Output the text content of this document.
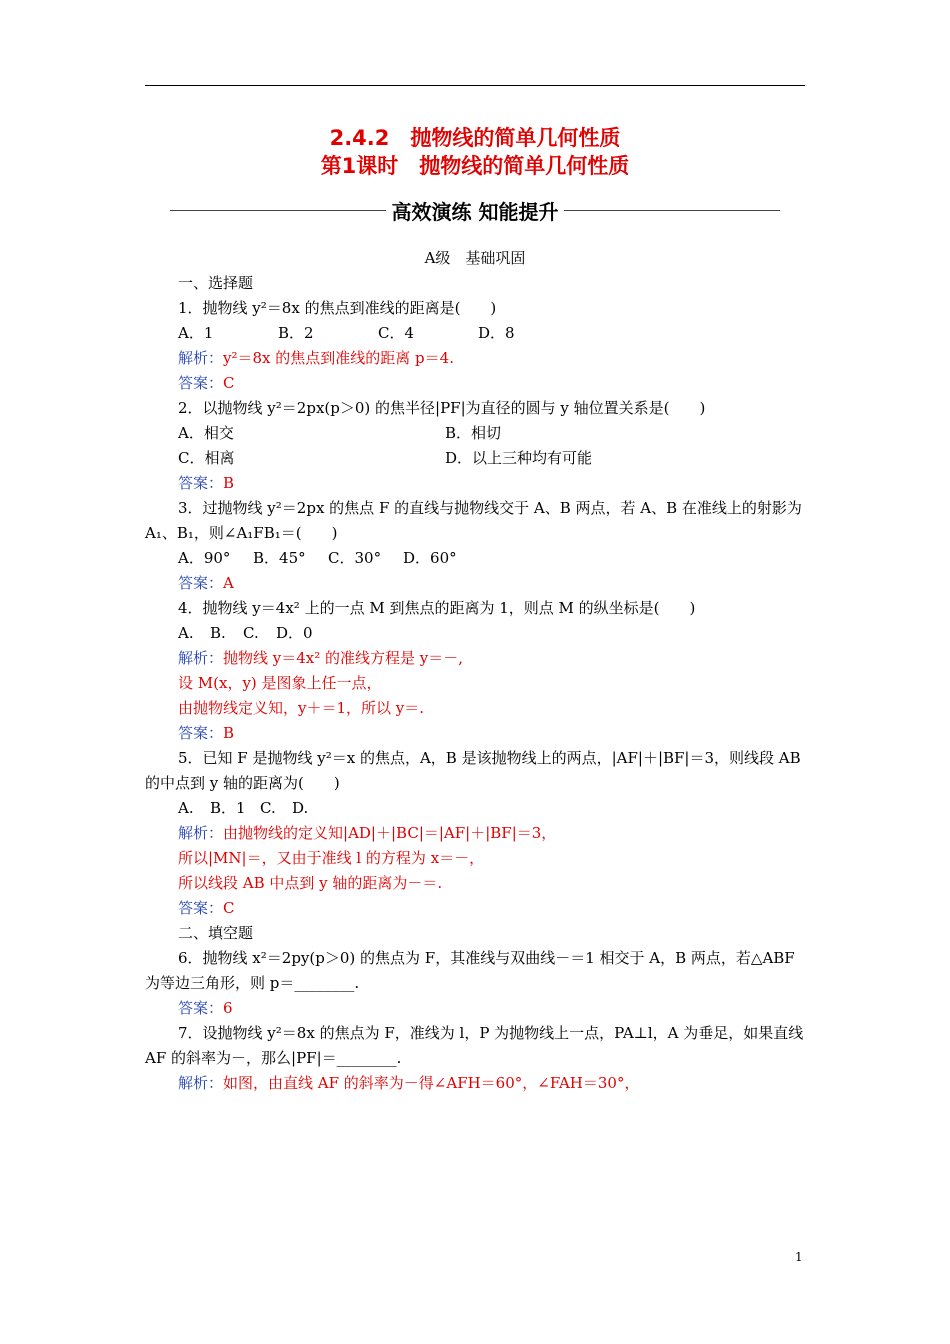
2.4.2　抛物线的简单几何性质
第1课时　抛物线的简单几何性质
高效演练 知能提升
A级　基础巩固
一、选择题
1．抛物线 y²＝8x 的焦点到准线的距离是(　　)
A．1	B．2	C．4	D．8
解析：y²＝8x 的焦点到准线的距离 p＝4.
答案：C
2．以抛物线 y²＝2px(p＞0) 的焦半径|PF|为直径的圆与 y 轴位置关系是(　　)
A．相交	B．相切
C．相离	D．以上三种均有可能
答案：B
3．过抛物线 y²＝2px 的焦点 F 的直线与抛物线交于 A、B 两点，若 A、B 在准线上的射影为
A₁、B₁，则∠A₁FB₁＝(　　)
A．90° B．45° C．30° D．60°
答案：A
4．抛物线 y＝4x² 上的一点 M 到焦点的距离为 1，则点 M 的纵坐标是(　　)
A. B. C. D．0
解析：抛物线 y＝4x² 的准线方程是 y＝－,
设 M(x，y) 是图象上任一点，
由抛物线定义知，y＋＝1，所以 y＝.
答案：B
5．已知 F 是抛物线 y²＝x 的焦点，A，B 是该抛物线上的两点，|AF|＋|BF|＝3，则线段 AB
的中点到 y 轴的距离为(　　)
A. B．1 C. D.
解析：由抛物线的定义知|AD|＋|BC|＝|AF|＋|BF|＝3，
所以|MN|＝，又由于准线 l 的方程为 x＝－，
所以线段 AB 中点到 y 轴的距离为－＝.
答案：C
二、填空题
6．抛物线 x²＝2py(p＞0) 的焦点为 F，其准线与双曲线－＝1 相交于 A，B 两点，若△ABF
为等边三角形，则 p＝________.
答案：6
7．设抛物线 y²＝8x 的焦点为 F，准线为 l，P 为抛物线上一点，PA⊥l，A 为垂足，如果直线
AF 的斜率为－，那么|PF|＝________.
解析：如图，由直线 AF 的斜率为－得∠AFH＝60°，∠FAH＝30°，
1
